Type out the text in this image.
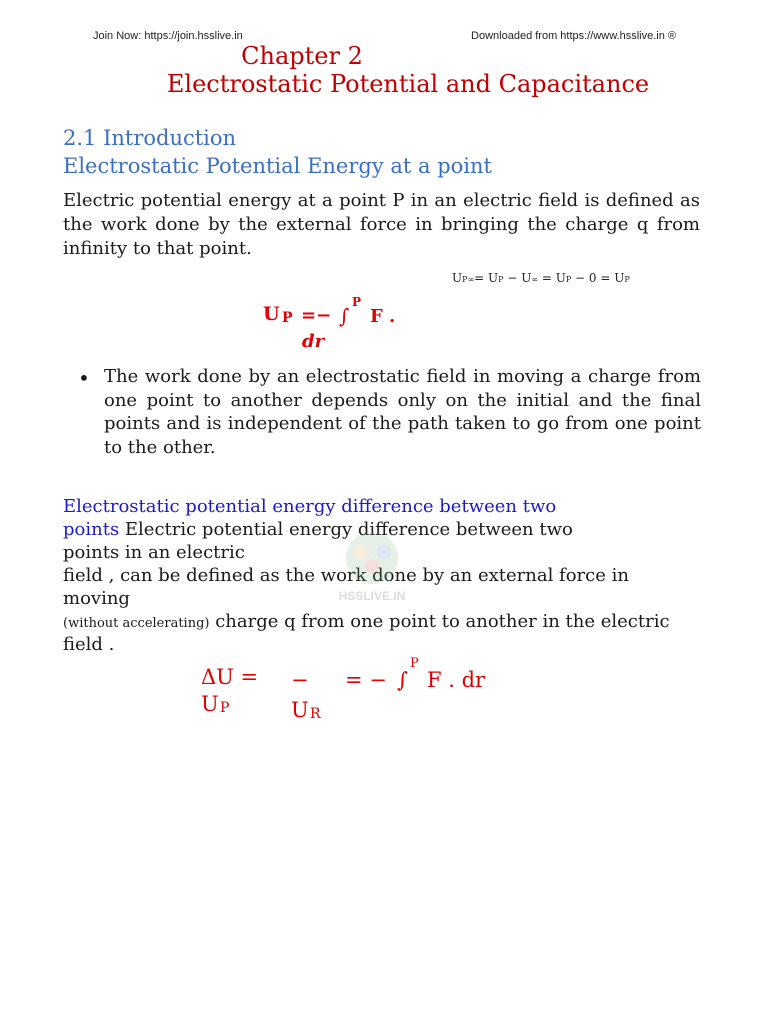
Join Now: https://join.hsslive.in	Downloaded from https://www.hsslive.in ®
Chapter 2
Electrostatic Potential and Capacitance
2.1 Introduction
Electrostatic Potential Energy at a point
Electric potential energy at a point P in an electric field is defined as the work done by the external force in bringing the charge q from infinity to that point.
UP∞= UP − U∞ = UP − 0 = UP
U P =− ∫
P
F .
dr
• The work done by an electrostatic field in moving a charge from one point to another depends only on the initial and the final points and is independent of the path taken to go from one point to the other.
Electrostatic potential energy difference between two
points Electric potential energy difference between two
points in an electric
field , can be defined as the work done by an external force in
moving
(without accelerating) charge q from one point to another in the electric
field .
HSSLIVE.IN
ΔU =
U P
−
U R
= − ∫
P
F . dr
